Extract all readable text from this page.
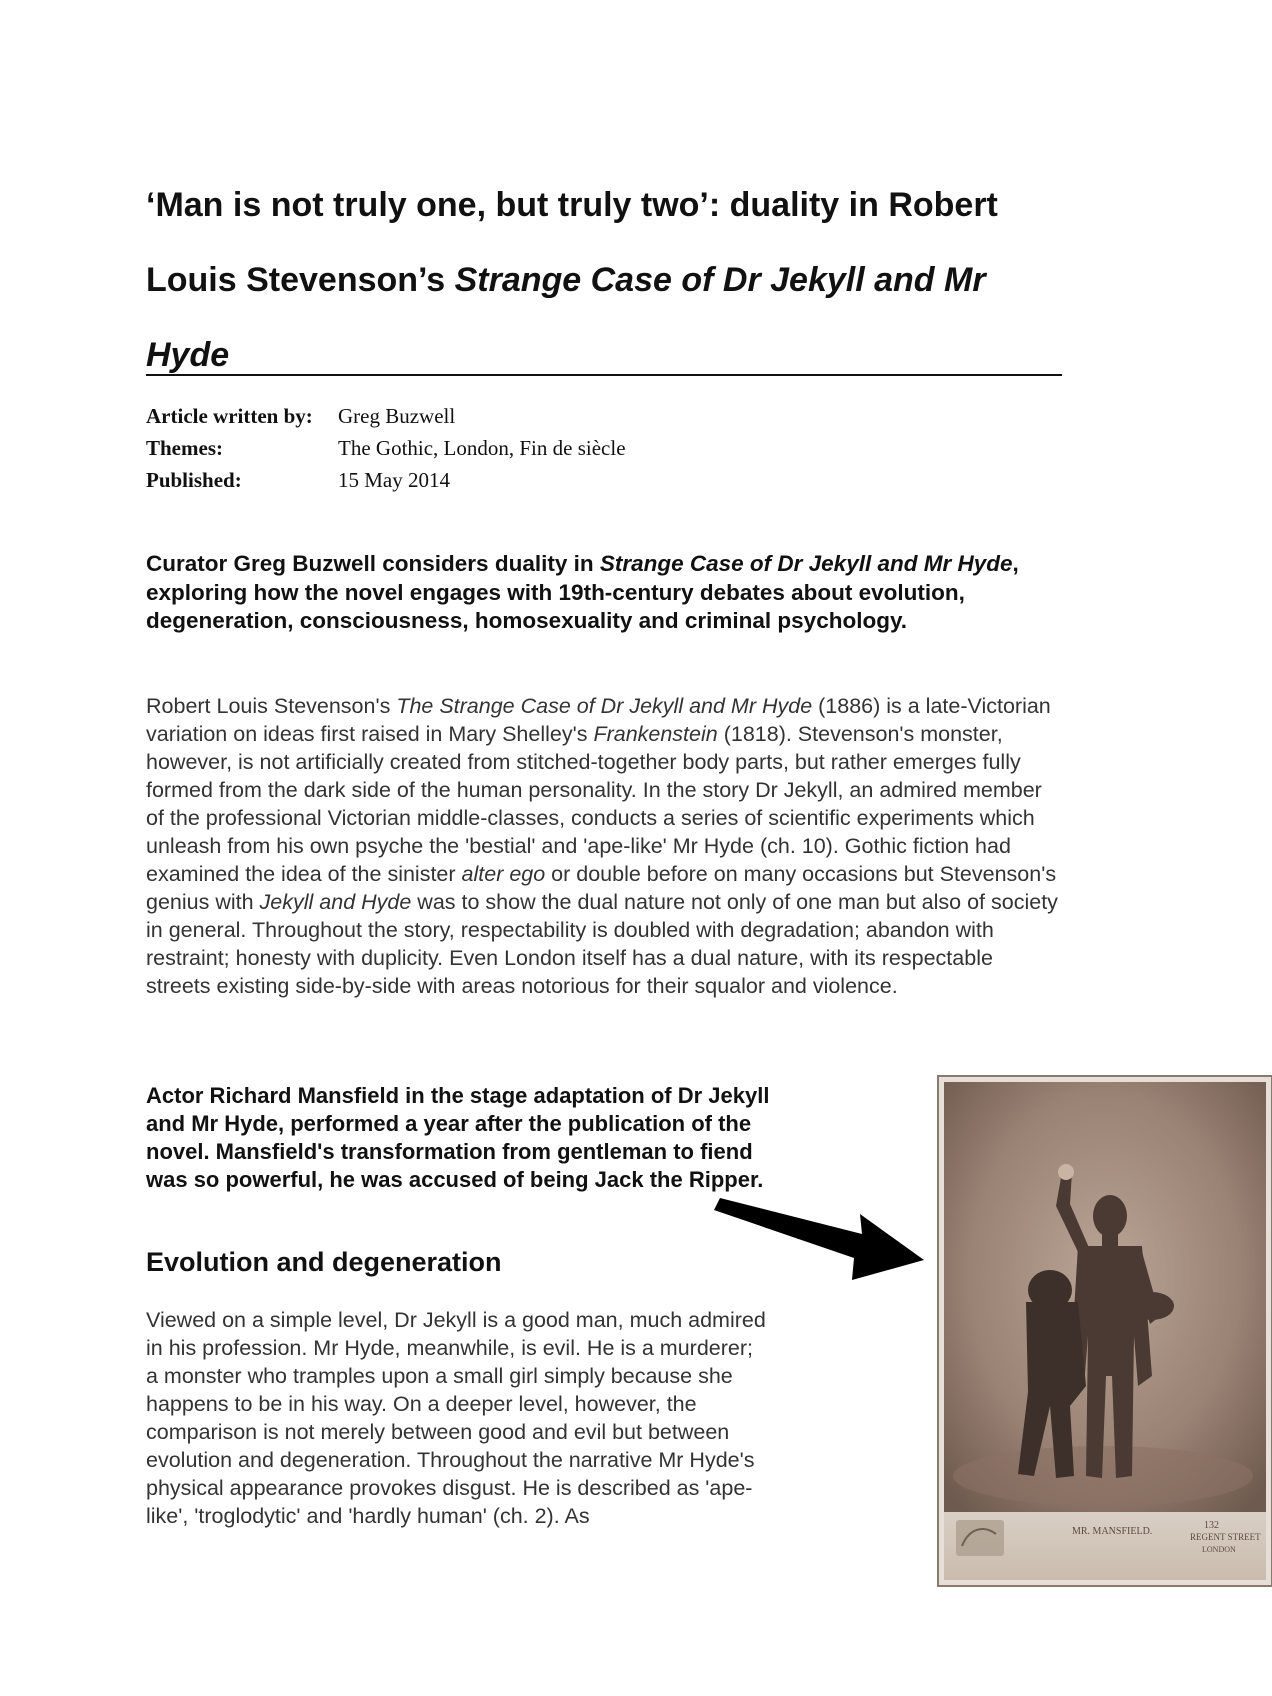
‘Man is not truly one, but truly two’: duality in Robert Louis Stevenson’s Strange Case of Dr Jekyll and Mr Hyde
Article written by:	Greg Buzwell
Themes:	The Gothic, London, Fin de siècle
Published:	15 May 2014

Curator Greg Buzwell considers duality in Strange Case of Dr Jekyll and Mr Hyde, exploring how the novel engages with 19th-century debates about evolution, degeneration, consciousness, homosexuality and criminal psychology.

Robert Louis Stevenson's The Strange Case of Dr Jekyll and Mr Hyde (1886) is a late-Victorian variation on ideas first raised in Mary Shelley's Frankenstein (1818). Stevenson's monster, however, is not artificially created from stitched-together body parts, but rather emerges fully formed from the dark side of the human personality. In the story Dr Jekyll, an admired member of the professional Victorian middle-classes, conducts a series of scientific experiments which unleash from his own psyche the 'bestial' and 'ape-like' Mr Hyde (ch. 10). Gothic fiction had examined the idea of the sinister alter ego or double before on many occasions but Stevenson's genius with Jekyll and Hyde was to show the dual nature not only of one man but also of society in general. Throughout the story, respectability is doubled with degradation; abandon with restraint; honesty with duplicity. Even London itself has a dual nature, with its respectable streets existing side-by-side with areas notorious for their squalor and violence.

Actor Richard Mansfield in the stage adaptation of Dr Jekyll and Mr Hyde, performed a year after the publication of the novel. Mansfield's transformation from gentleman to fiend was so powerful, he was accused of being Jack the Ripper.

Evolution and degeneration

Viewed on a simple level, Dr Jekyll is a good man, much admired in his profession. Mr Hyde, meanwhile, is evil. He is a murderer; a monster who tramples upon a small girl simply because she happens to be in his way. On a deeper level, however, the comparison is not merely between good and evil but between evolution and degeneration. Throughout the narrative Mr Hyde's physical appearance provokes disgust. He is described as 'ape-like', 'troglodytic' and 'hardly human' (ch. 2). As

MR. MANSFIELD.
132
REGENT STREET
LONDON
